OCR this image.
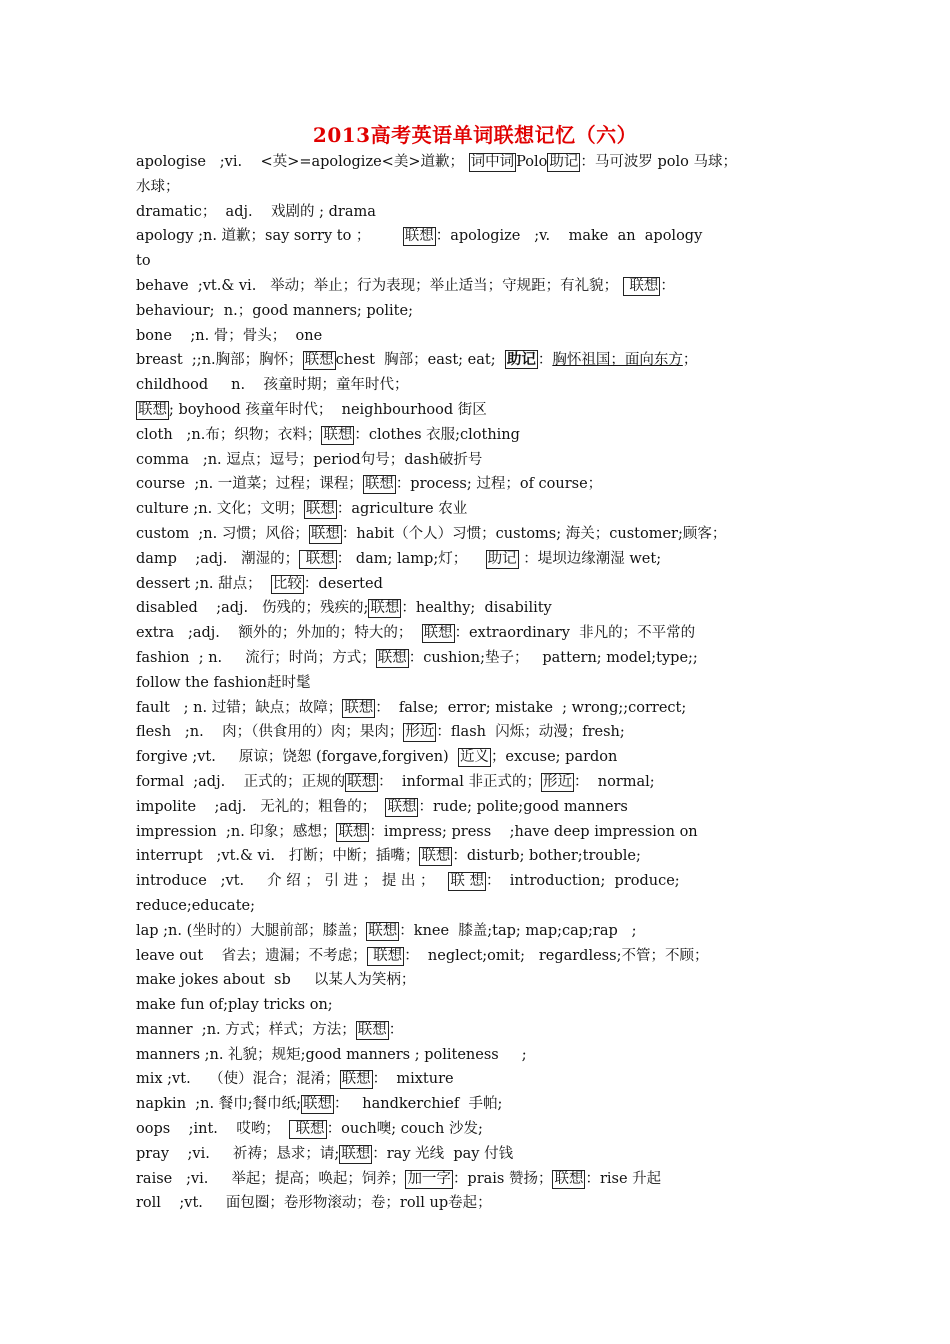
2013高考英语单词联想记忆（六）
apologise   ;vi.    <英>=apologize<美>道歉； 词中词 Polo 助记 ：马可波罗 polo 马球；
水球；
dramatic；  adj.    戏剧的 ; drama
apology ;n. 道歉；say sorry to ；       联想 ：apologize   ;v.    make  an  apology
to
behave  ;vt.& vi.   举动；举止；行为表现；举止适当；守规距；有礼貌；  联想 ：
behaviour;  n.；good manners; polite;
bone    ;n. 骨；骨头；  one
breast  ;;n.胸部；胸怀； 联想 chest  胸部；east; eat;  助记 ：胸怀祖国；面向东方；
childhood     n.    孩童时期；童年时代；
联想 ; boyhood 孩童年时代；  neighbourhood 街区
cloth   ;n.布；织物；衣料； 联想 ：clothes 衣服;clothing
comma   ;n. 逗点；逗号；period句号；dash破折号
course  ;n. 一道菜；过程；课程； 联想 ：process; 过程；of course；
culture ;n. 文化；文明； 联想 ：agriculture 农业
custom  ;n. 习惯；风俗； 联想 ：habit（个人）习惯；customs; 海关；customer;顾客；
damp    ;adj.   潮湿的； 联想 ： dam; lamp;灯；    助记 ：堤坝边缘潮湿 wet;
dessert ;n. 甜点；  比较 ：deserted
disabled    ;adj.   伤残的；残疾的; 联想 ：healthy;  disability
extra   ;adj.    额外的；外加的；特大的；  联想 ：extraordinary  非凡的；不平常的
fashion  ; n.     流行；时尚；方式； 联想 ：cushion;垫子；   pattern; model;type;;
follow the fashion赶时髦
fault   ; n. 过错；缺点；故障； 联想 ：  false;  error; mistake  ; wrong;;correct;
flesh   ;n.    肉；（供食用的）肉；果肉； 形近 ：flash  闪烁；动漫；fresh;
forgive ;vt.     原谅；饶恕 (forgave,forgiven)  近义 ；excuse; pardon
formal  ;adj.    正式的；正规的 联想 ：  informal 非正式的； 形近 ：  normal;
impolite    ;adj.   无礼的；粗鲁的；  联想 ：rude; polite;good manners
impression  ;n. 印象；感想； 联想 ：impress; press    ;have deep impression on
interrupt   ;vt.& vi.   打断；中断；插嘴； 联想 ：disturb; bother;trouble;
introduce   ;vt.     介 绍 ； 引 进 ； 提 出 ；   联 想 ：  introduction;  produce;
reduce;educate;
lap ;n. (坐时的）大腿前部；膝盖； 联想 ：knee  膝盖;tap; map;cap;rap   ;
leave out    省去；遗漏；不考虑； 联想 ：  neglect;omit;   regardless;不管；不顾；
make jokes about  sb     以某人为笑柄；
make fun of;play tricks on;
manner  ;n. 方式；样式；方法； 联想 ：
manners ;n. 礼貌；规矩;good manners ; politeness     ;
mix ;vt.    （使）混合；混淆； 联想 ：  mixture
napkin  ;n. 餐巾;餐巾纸; 联想 ：   handkerchief  手帕;
oops    ;int.    哎哟；   联想 ：ouch噢; couch 沙发;
pray    ;vi.     祈祷；恳求；请; 联想 ：ray 光线  pay 付钱
raise   ;vi.     举起；提高；唤起；饲养； 加一字 ：prais 赞扬； 联想 ：rise 升起
roll    ;vt.     面包圈；卷形物滚动；卷；roll up卷起；
